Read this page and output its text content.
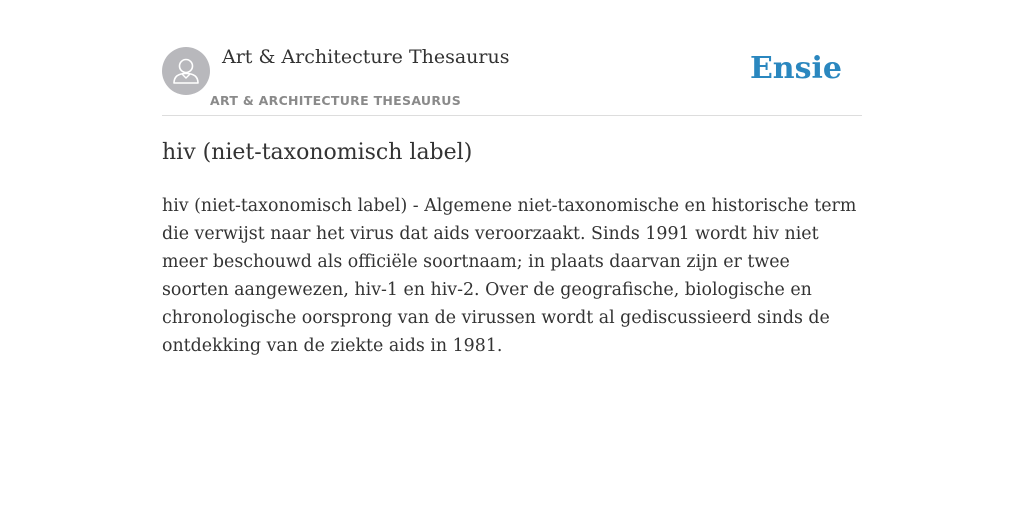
Art & Architecture Thesaurus
ART & ARCHITECTURE THESAURUS
Ensie
hiv (niet-taxonomisch label)

hiv (niet-taxonomisch label) - Algemene niet-taxonomische en historische term die verwijst naar het virus dat aids veroorzaakt. Sinds 1991 wordt hiv niet meer beschouwd als officiële soortnaam; in plaats daarvan zijn er twee soorten aangewezen, hiv-1 en hiv-2. Over de geografische, biologische en chronologische oorsprong van de virussen wordt al gediscussieerd sinds de ontdekking van de ziekte aids in 1981.
